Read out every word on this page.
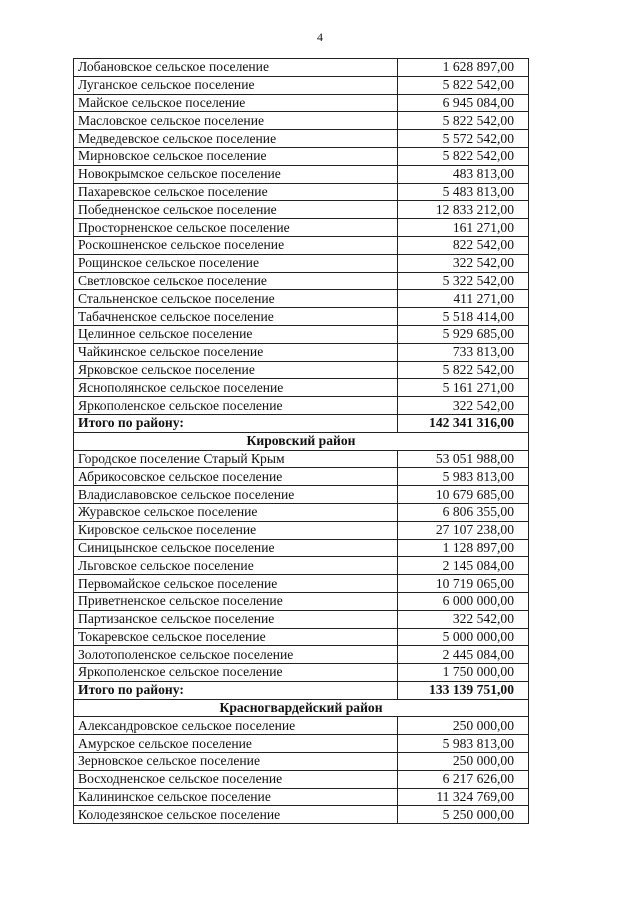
4
Лобановское сельское поселение	1 628 897,00
Луганское сельское поселение	5 822 542,00
Майское сельское поселение	6 945 084,00
Масловское сельское поселение	5 822 542,00
Медведевское сельское поселение	5 572 542,00
Мирновское сельское поселение	5 822 542,00
Новокрымское сельское поселение	483 813,00
Пахаревское сельское поселение	5 483 813,00
Победненское сельское поселение	12 833 212,00
Просторненское сельское поселение	161 271,00
Роскошненское сельское поселение	822 542,00
Рощинское сельское поселение	322 542,00
Светловское сельское поселение	5 322 542,00
Стальненское сельское поселение	411 271,00
Табачненское сельское поселение	5 518 414,00
Целинное сельское поселение	5 929 685,00
Чайкинское сельское поселение	733 813,00
Ярковское сельское поселение	5 822 542,00
Яснополянское сельское поселение	5 161 271,00
Яркополенское сельское поселение	322 542,00
Итого по району:	142 341 316,00
Кировский район	
Городское поселение Старый Крым	53 051 988,00
Абрикосовское сельское поселение	5 983 813,00
Владиславовское сельское поселение	10 679 685,00
Журавское сельское поселение	6 806 355,00
Кировское сельское поселение	27 107 238,00
Синицынское сельское поселение	1 128 897,00
Льговское сельское поселение	2 145 084,00
Первомайское сельское поселение	10 719 065,00
Приветненское сельское поселение	6 000 000,00
Партизанское сельское поселение	322 542,00
Токаревское сельское поселение	5 000 000,00
Золотополенское сельское поселение	2 445 084,00
Яркополенское сельское поселение	1 750 000,00
Итого по району:	133 139 751,00
Красногвардейский район	
Александровское сельское поселение	250 000,00
Амурское сельское поселение	5 983 813,00
Зерновское сельское поселение	250 000,00
Восходненское сельское поселение	6 217 626,00
Калининское сельское поселение	11 324 769,00
Колодезянское сельское поселение	5 250 000,00
